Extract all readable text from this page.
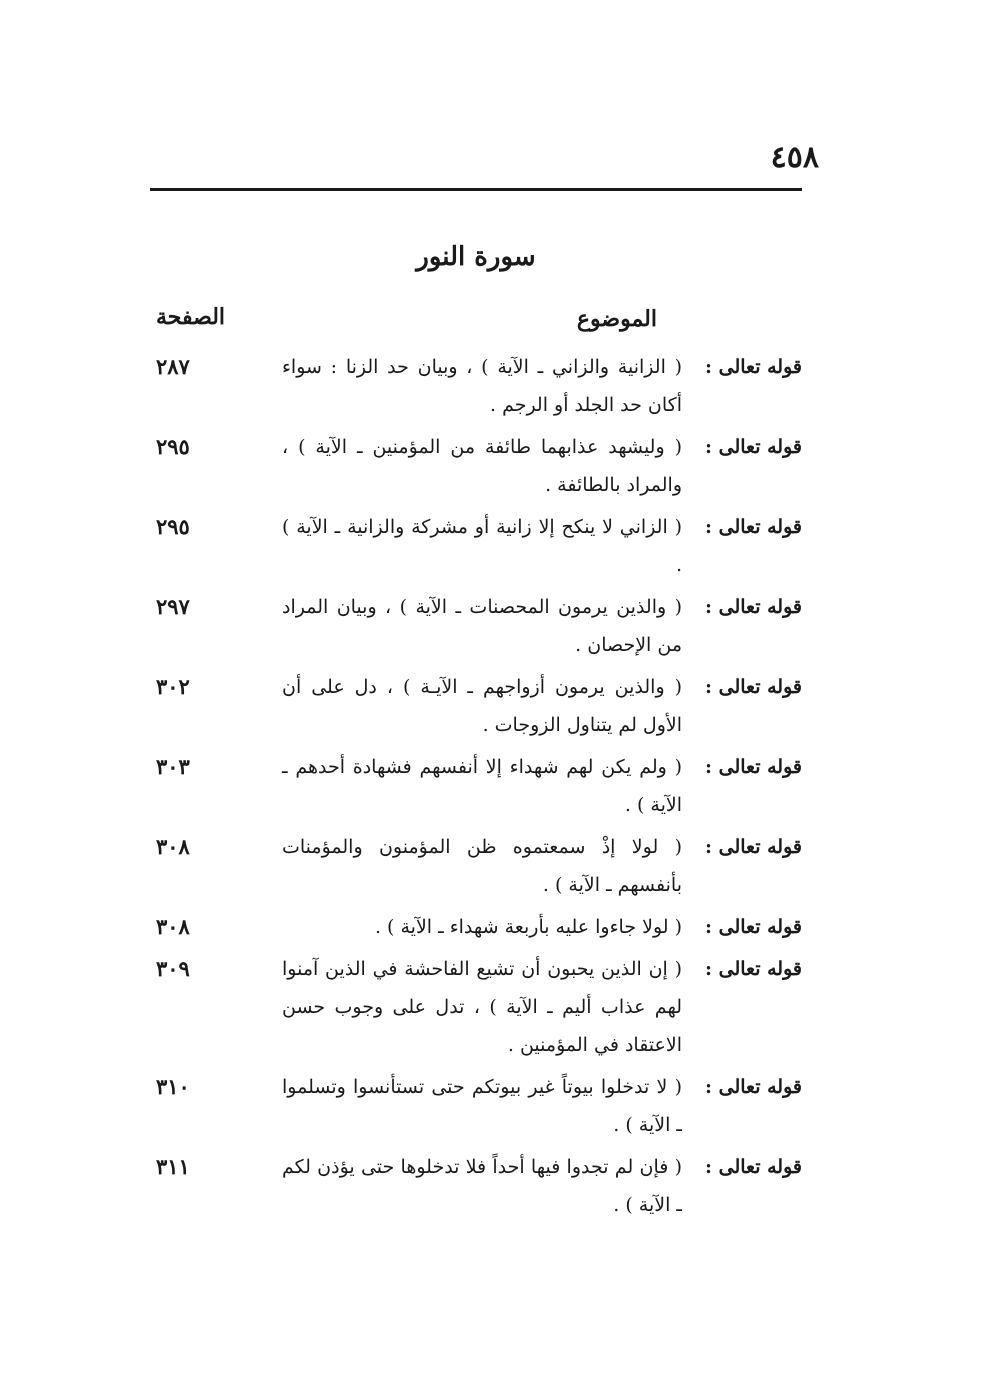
٤٥٨
سورة النور
الموضوع
الصفحة
قوله تعالى :
( الزانية والزاني ـ الآية ) ، وبيان حد الزنا : سواء أكان حد الجلد أو الرجم .
٢٨٧
قوله تعالى :
( وليشهد عذابهما طائفة من المؤمنين ـ الآية ) ، والمراد بالطائفة .
٢٩٥
قوله تعالى :
( الزاني لا ينكح إلا زانية أو مشركة والزانية ـ الآية ) .
٢٩٥
قوله تعالى :
( والذين يرمون المحصنات ـ الآية ) ، وبيان المراد من الإحصان .
٢٩٧
قوله تعالى :
( والذين يرمون أزواجهم ـ الآيـة ) ، دل على أن الأول لم يتناول الزوجات .
٣٠٢
قوله تعالى :
( ولم يكن لهم شهداء إلا أنفسهم فشهادة أحدهم ـ الآية ) .
٣٠٣
قوله تعالى :
( لولا إذْ سمعتموه ظن المؤمنون والمؤمنات بأنفسهم ـ الآية ) .
٣٠٨
قوله تعالى :
( لولا جاءوا عليه بأربعة شهداء ـ الآية ) .
٣٠٨
قوله تعالى :
( إن الذين يحبون أن تشيع الفاحشة في الذين آمنوا لهم عذاب أليم ـ الآية ) ، تدل على وجوب حسن الاعتقاد في المؤمنين .
٣٠٩
قوله تعالى :
( لا تدخلوا بيوتاً غير بيوتكم حتى تستأنسوا وتسلموا ـ الآية ) .
٣١٠
قوله تعالى :
( فإن لم تجدوا فيها أحداً فلا تدخلوها حتى يؤذن لكم ـ الآية ) .
٣١١
